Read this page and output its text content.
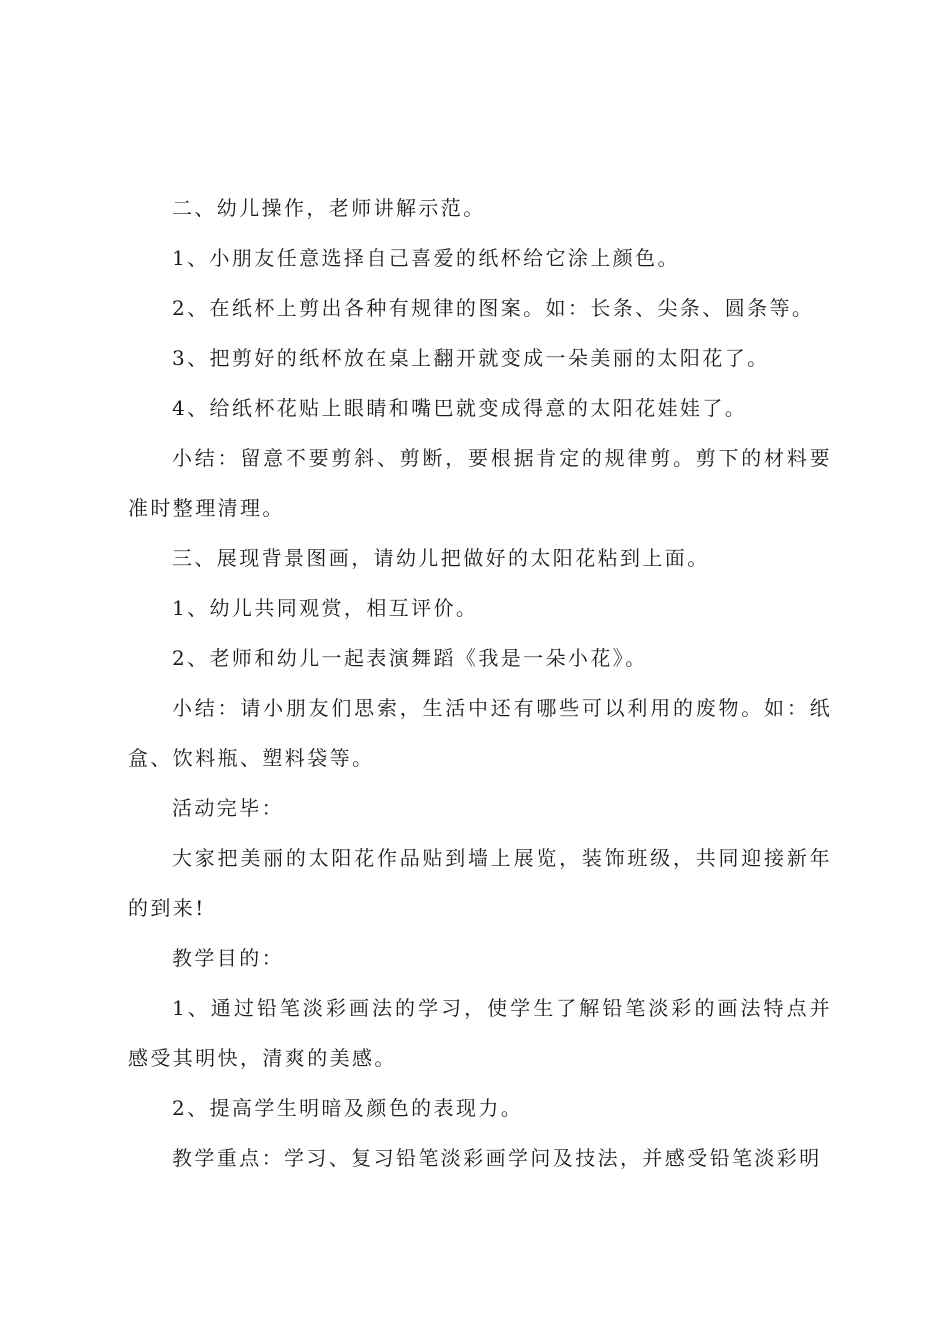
二、幼儿操作，老师讲解示范。

1、小朋友任意选择自己喜爱的纸杯给它涂上颜色。

2、在纸杯上剪出各种有规律的图案。如：长条、尖条、圆条等。

3、把剪好的纸杯放在桌上翻开就变成一朵美丽的太阳花了。

4、给纸杯花贴上眼睛和嘴巴就变成得意的太阳花娃娃了。

小结：留意不要剪斜、剪断，要根据肯定的规律剪。剪下的材料要准时整理清理。

三、展现背景图画，请幼儿把做好的太阳花粘到上面。

1、幼儿共同观赏，相互评价。

2、老师和幼儿一起表演舞蹈《我是一朵小花》。

小结：请小朋友们思索，生活中还有哪些可以利用的废物。如：纸盒、饮料瓶、塑料袋等。

活动完毕：

大家把美丽的太阳花作品贴到墙上展览，装饰班级，共同迎接新年的到来!

教学目的：

1、通过铅笔淡彩画法的学习，使学生了解铅笔淡彩的画法特点并感受其明快，清爽的美感。

2、提高学生明暗及颜色的表现力。

教学重点：学习、复习铅笔淡彩画学问及技法，并感受铅笔淡彩明
